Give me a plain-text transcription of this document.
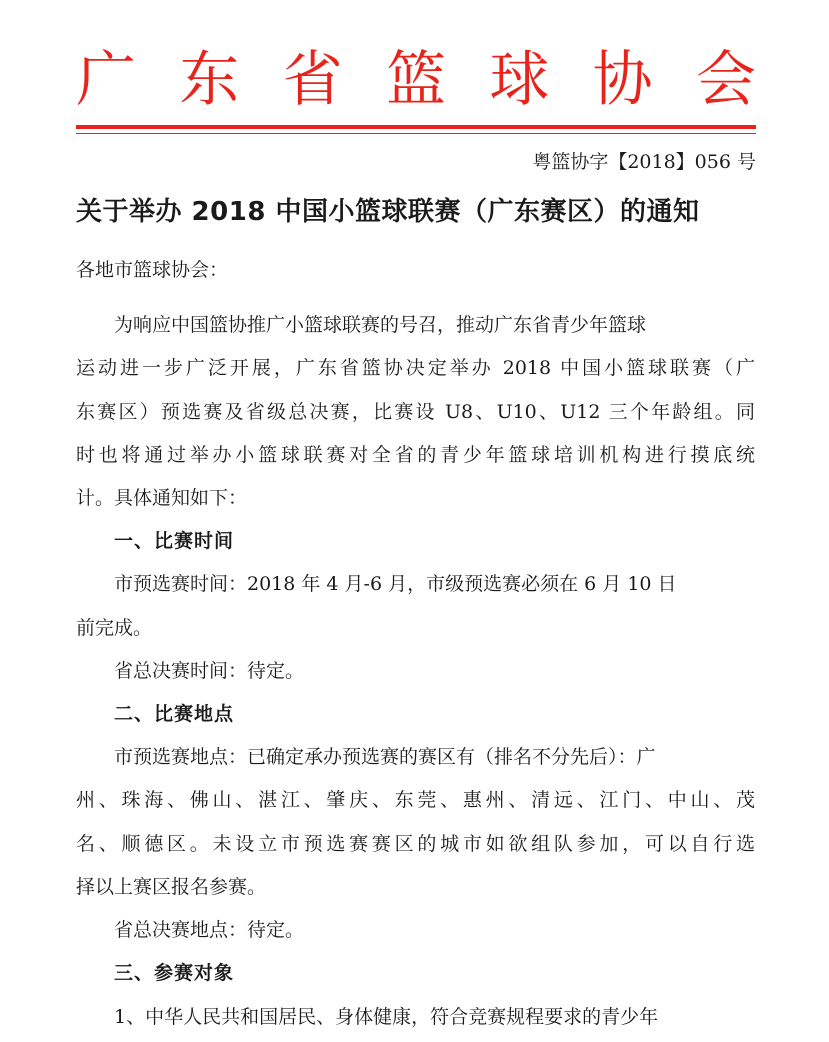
广 东 省 篮 球 协 会
粤篮协字【2018】056 号
关于举办 2018 中国小篮球联赛（广东赛区）的通知
各地市篮球协会：
为响应中国篮协推广小篮球联赛的号召，推动广东省青少年篮球
运动进一步广泛开展，广东省篮协决定举办 2018 中国小篮球联赛（广
东赛区）预选赛及省级总决赛，比赛设 U8、U10、U12 三个年龄组。同
时也将通过举办小篮球联赛对全省的青少年篮球培训机构进行摸底统
计。具体通知如下：
一、比赛时间
市预选赛时间：2018 年 4 月-6 月，市级预选赛必须在 6 月 10 日
前完成。
省总决赛时间：待定。
二、比赛地点
市预选赛地点：已确定承办预选赛的赛区有（排名不分先后）：广
州、珠海、佛山、湛江、肇庆、东莞、惠州、清远、江门、中山、茂
名、顺德区。未设立市预选赛赛区的城市如欲组队参加，可以自行选
择以上赛区报名参赛。
省总决赛地点：待定。
三、参赛对象
1、中华人民共和国居民、身体健康，符合竞赛规程要求的青少年
